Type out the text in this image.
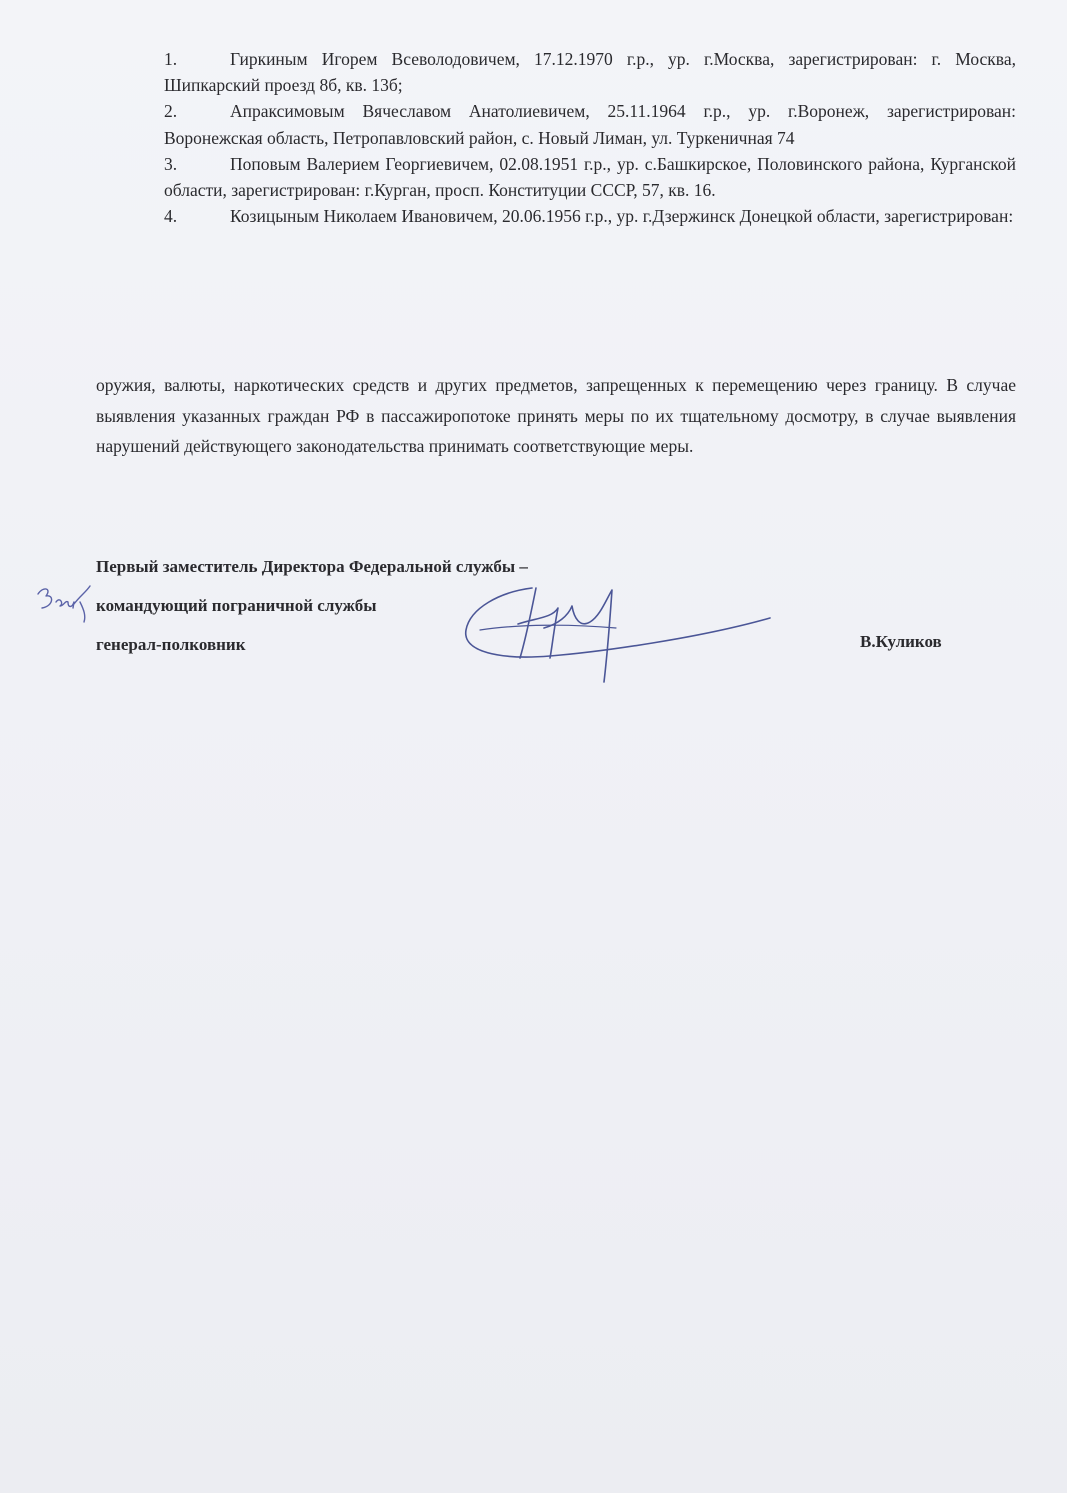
1.	Гиркиным Игорем Всеволодовичем, 17.12.1970 г.р., ур. г.Москва, зарегистрирован: г. Москва, Шипкарский проезд 8б, кв. 13б;
2.	Апраксимовым Вячеславом Анатолиевичем, 25.11.1964 г.р., ур. г.Воронеж, зарегистрирован: Воронежская область, Петропавловский район, с. Новый Лиман, ул. Туркеничная 74
3.	Поповым Валерием Георгиевичем, 02.08.1951 г.р., ур. с.Башкирское, Половинского района, Курганской области, зарегистрирован: г.Курган, просп. Конституции СССР, 57, кв. 16.
4.	Козицыным Николаем Ивановичем, 20.06.1956 г.р., ур. г.Дзержинск Донецкой области, зарегистрирован:

оружия, валюты, наркотических средств и других предметов, запрещенных к перемещению через границу. В случае выявления указанных граждан РФ в пассажиропотоке принять меры по их тщательному досмотру, в случае выявления нарушений действующего законодательства принимать соответствующие меры.

Первый заместитель Директора Федеральной службы –
командующий пограничной службы
генерал-полковник	В.Куликов
